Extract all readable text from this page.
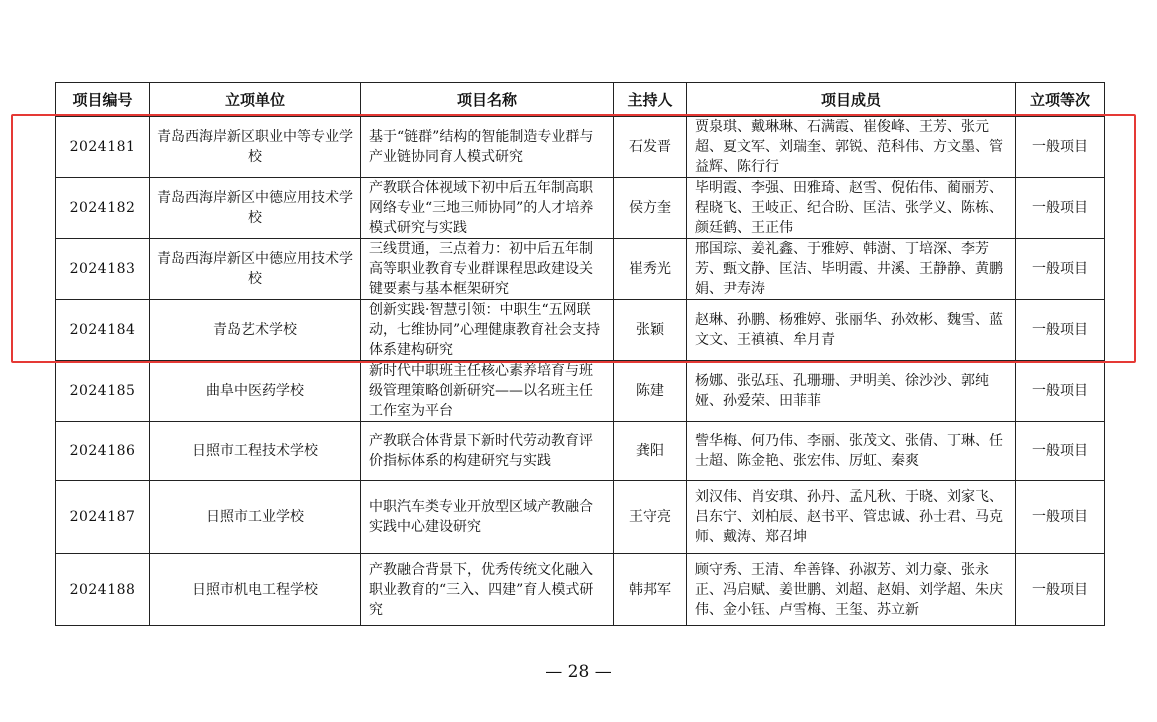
项目编号	立项单位	项目名称	主持人	项目成员	立项等次
2024181	青岛西海岸新区职业中等专业学校	基于“链群”结构的智能制造专业群与产业链协同育人模式研究	石发晋	贾泉琪、戴琳琳、石满霞、崔俊峰、王芳、张元超、夏文军、刘瑞奎、郭锐、范科伟、方文墨、管益辉、陈行行	一般项目
2024182	青岛西海岸新区中德应用技术学校	产教联合体视域下初中后五年制高职网络专业“三地三师协同”的人才培养模式研究与实践	侯方奎	毕明霞、李强、田雅琦、赵雪、倪佑伟、蔺丽芳、程晓飞、王岐正、纪合盼、匡洁、张学义、陈栋、颜廷鹤、王正伟	一般项目
2024183	青岛西海岸新区中德应用技术学校	三线贯通，三点着力：初中后五年制高等职业教育专业群课程思政建设关键要素与基本框架研究	崔秀光	邢国琮、姜礼鑫、于雅婷、韩澍、丁培深、李芳芳、甄文静、匡洁、毕明霞、井溪、王静静、黄鹏娟、尹寿涛	一般项目
2024184	青岛艺术学校	创新实践·智慧引领：中职生“五网联动，七维协同”心理健康教育社会支持体系建构研究	张颖	赵琳、孙鹏、杨雅婷、张丽华、孙效彬、魏雪、蓝文文、王禛禛、牟月青	一般项目
2024185	曲阜中医药学校	新时代中职班主任核心素养培育与班级管理策略创新研究——以名班主任工作室为平台	陈建	杨娜、张弘珏、孔珊珊、尹明美、徐沙沙、郭纯娅、孙爱荣、田菲菲	一般项目
2024186	日照市工程技术学校	产教联合体背景下新时代劳动教育评价指标体系的构建研究与实践	龚阳	訾华梅、何乃伟、李丽、张茂文、张倩、丁琳、任士超、陈金艳、张宏伟、厉虹、秦爽	一般项目
2024187	日照市工业学校	中职汽车类专业开放型区域产教融合实践中心建设研究	王守亮	刘汉伟、肖安琪、孙丹、孟凡秋、于晓、刘家飞、吕东宁、刘柏辰、赵书平、管忠诚、孙士君、马克师、戴涛、郑召坤	一般项目
2024188	日照市机电工程学校	产教融合背景下，优秀传统文化融入职业教育的“三入、四建”育人模式研究	韩邦军	顾守秀、王清、牟善锋、孙淑芳、刘力豪、张永正、冯启赋、姜世鹏、刘超、赵娟、刘学超、朱庆伟、金小钰、卢雪梅、王玺、苏立新	一般项目
— 28 —
